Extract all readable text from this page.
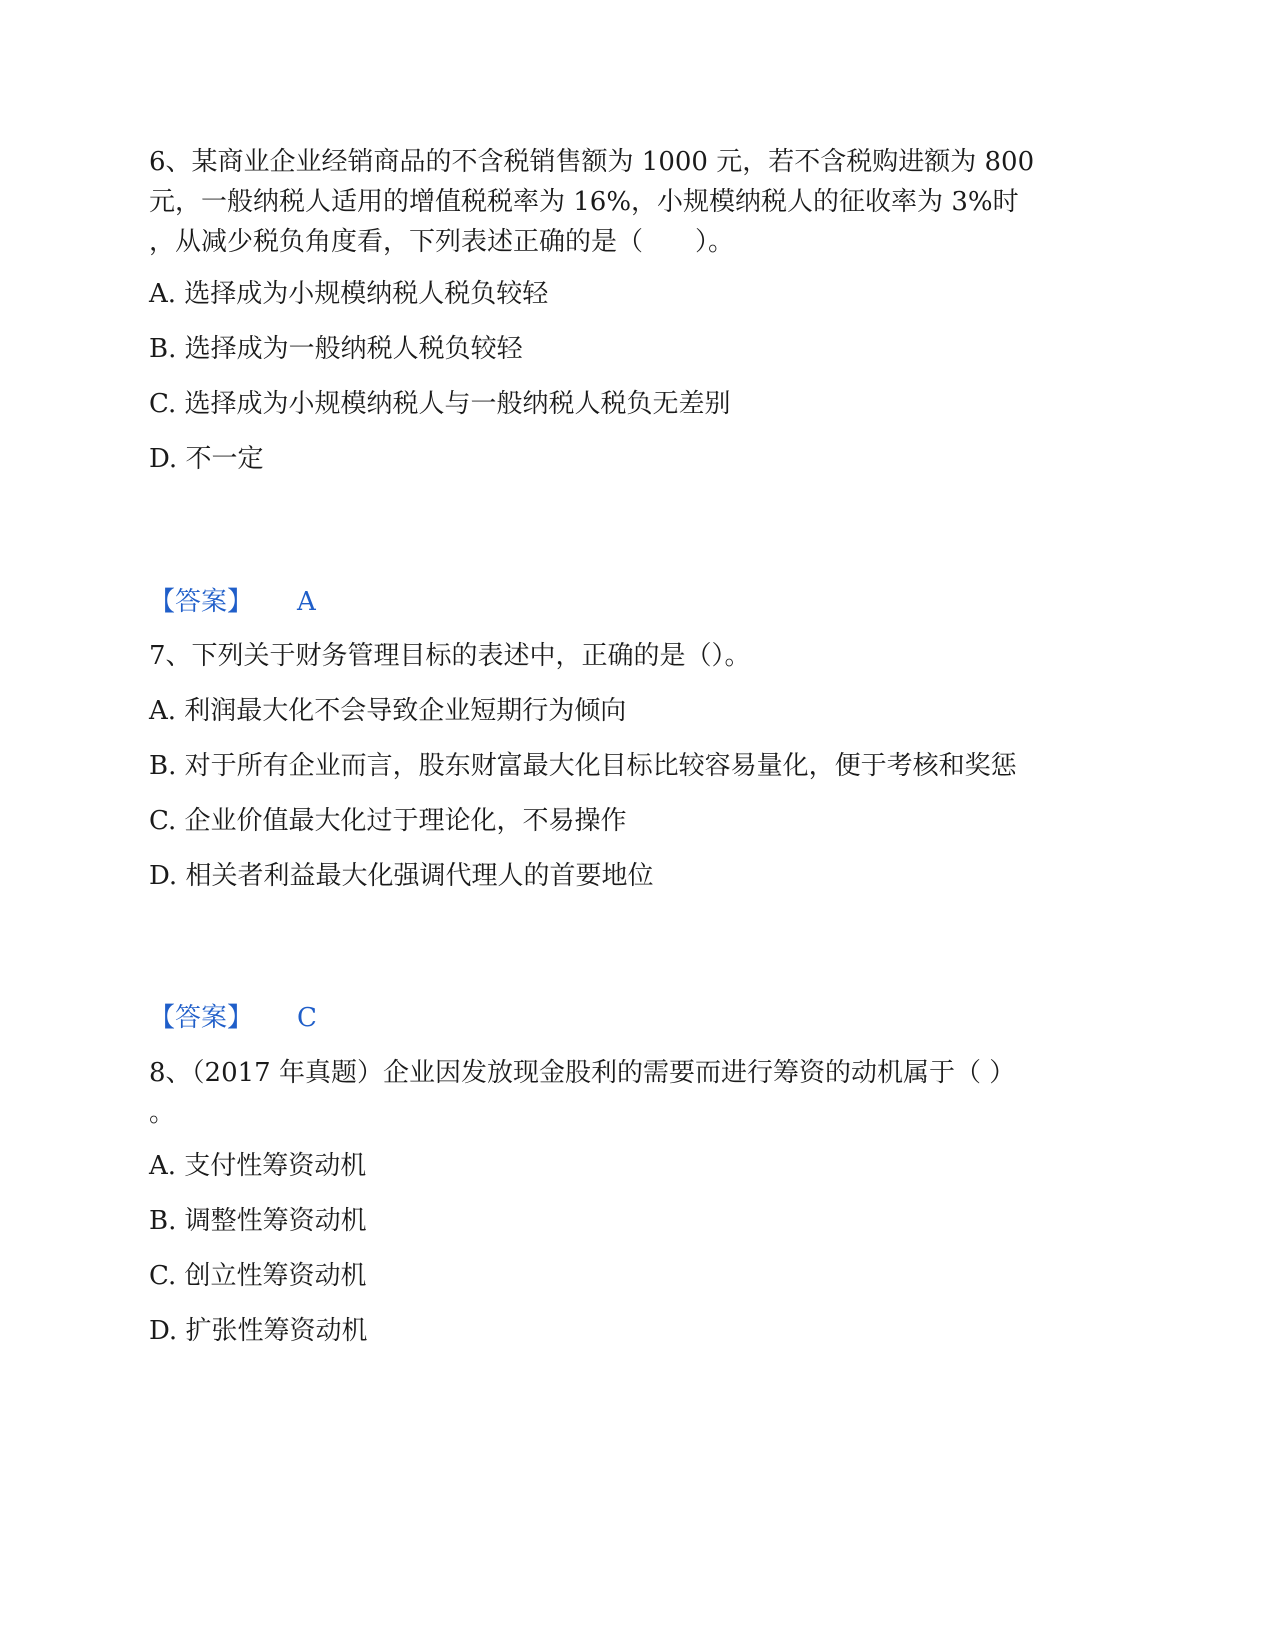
6、某商业企业经销商品的不含税销售额为 1000 元，若不含税购进额为 800

元，一般纳税人适用的增值税税率为 16%，小规模纳税人的征收率为 3%时

，从减少税负角度看，下列表述正确的是（　　）。

A. 选择成为小规模纳税人税负较轻

B. 选择成为一般纳税人税负较轻

C. 选择成为小规模纳税人与一般纳税人税负无差别

D. 不一定

【答案】 A

7、下列关于财务管理目标的表述中，正确的是（）。

A. 利润最大化不会导致企业短期行为倾向

B. 对于所有企业而言，股东财富最大化目标比较容易量化，便于考核和奖惩

C. 企业价值最大化过于理论化，不易操作

D. 相关者利益最大化强调代理人的首要地位

【答案】 C

8、（2017 年真题）企业因发放现金股利的需要而进行筹资的动机属于（ ）

。

A. 支付性筹资动机

B. 调整性筹资动机

C. 创立性筹资动机

D. 扩张性筹资动机
